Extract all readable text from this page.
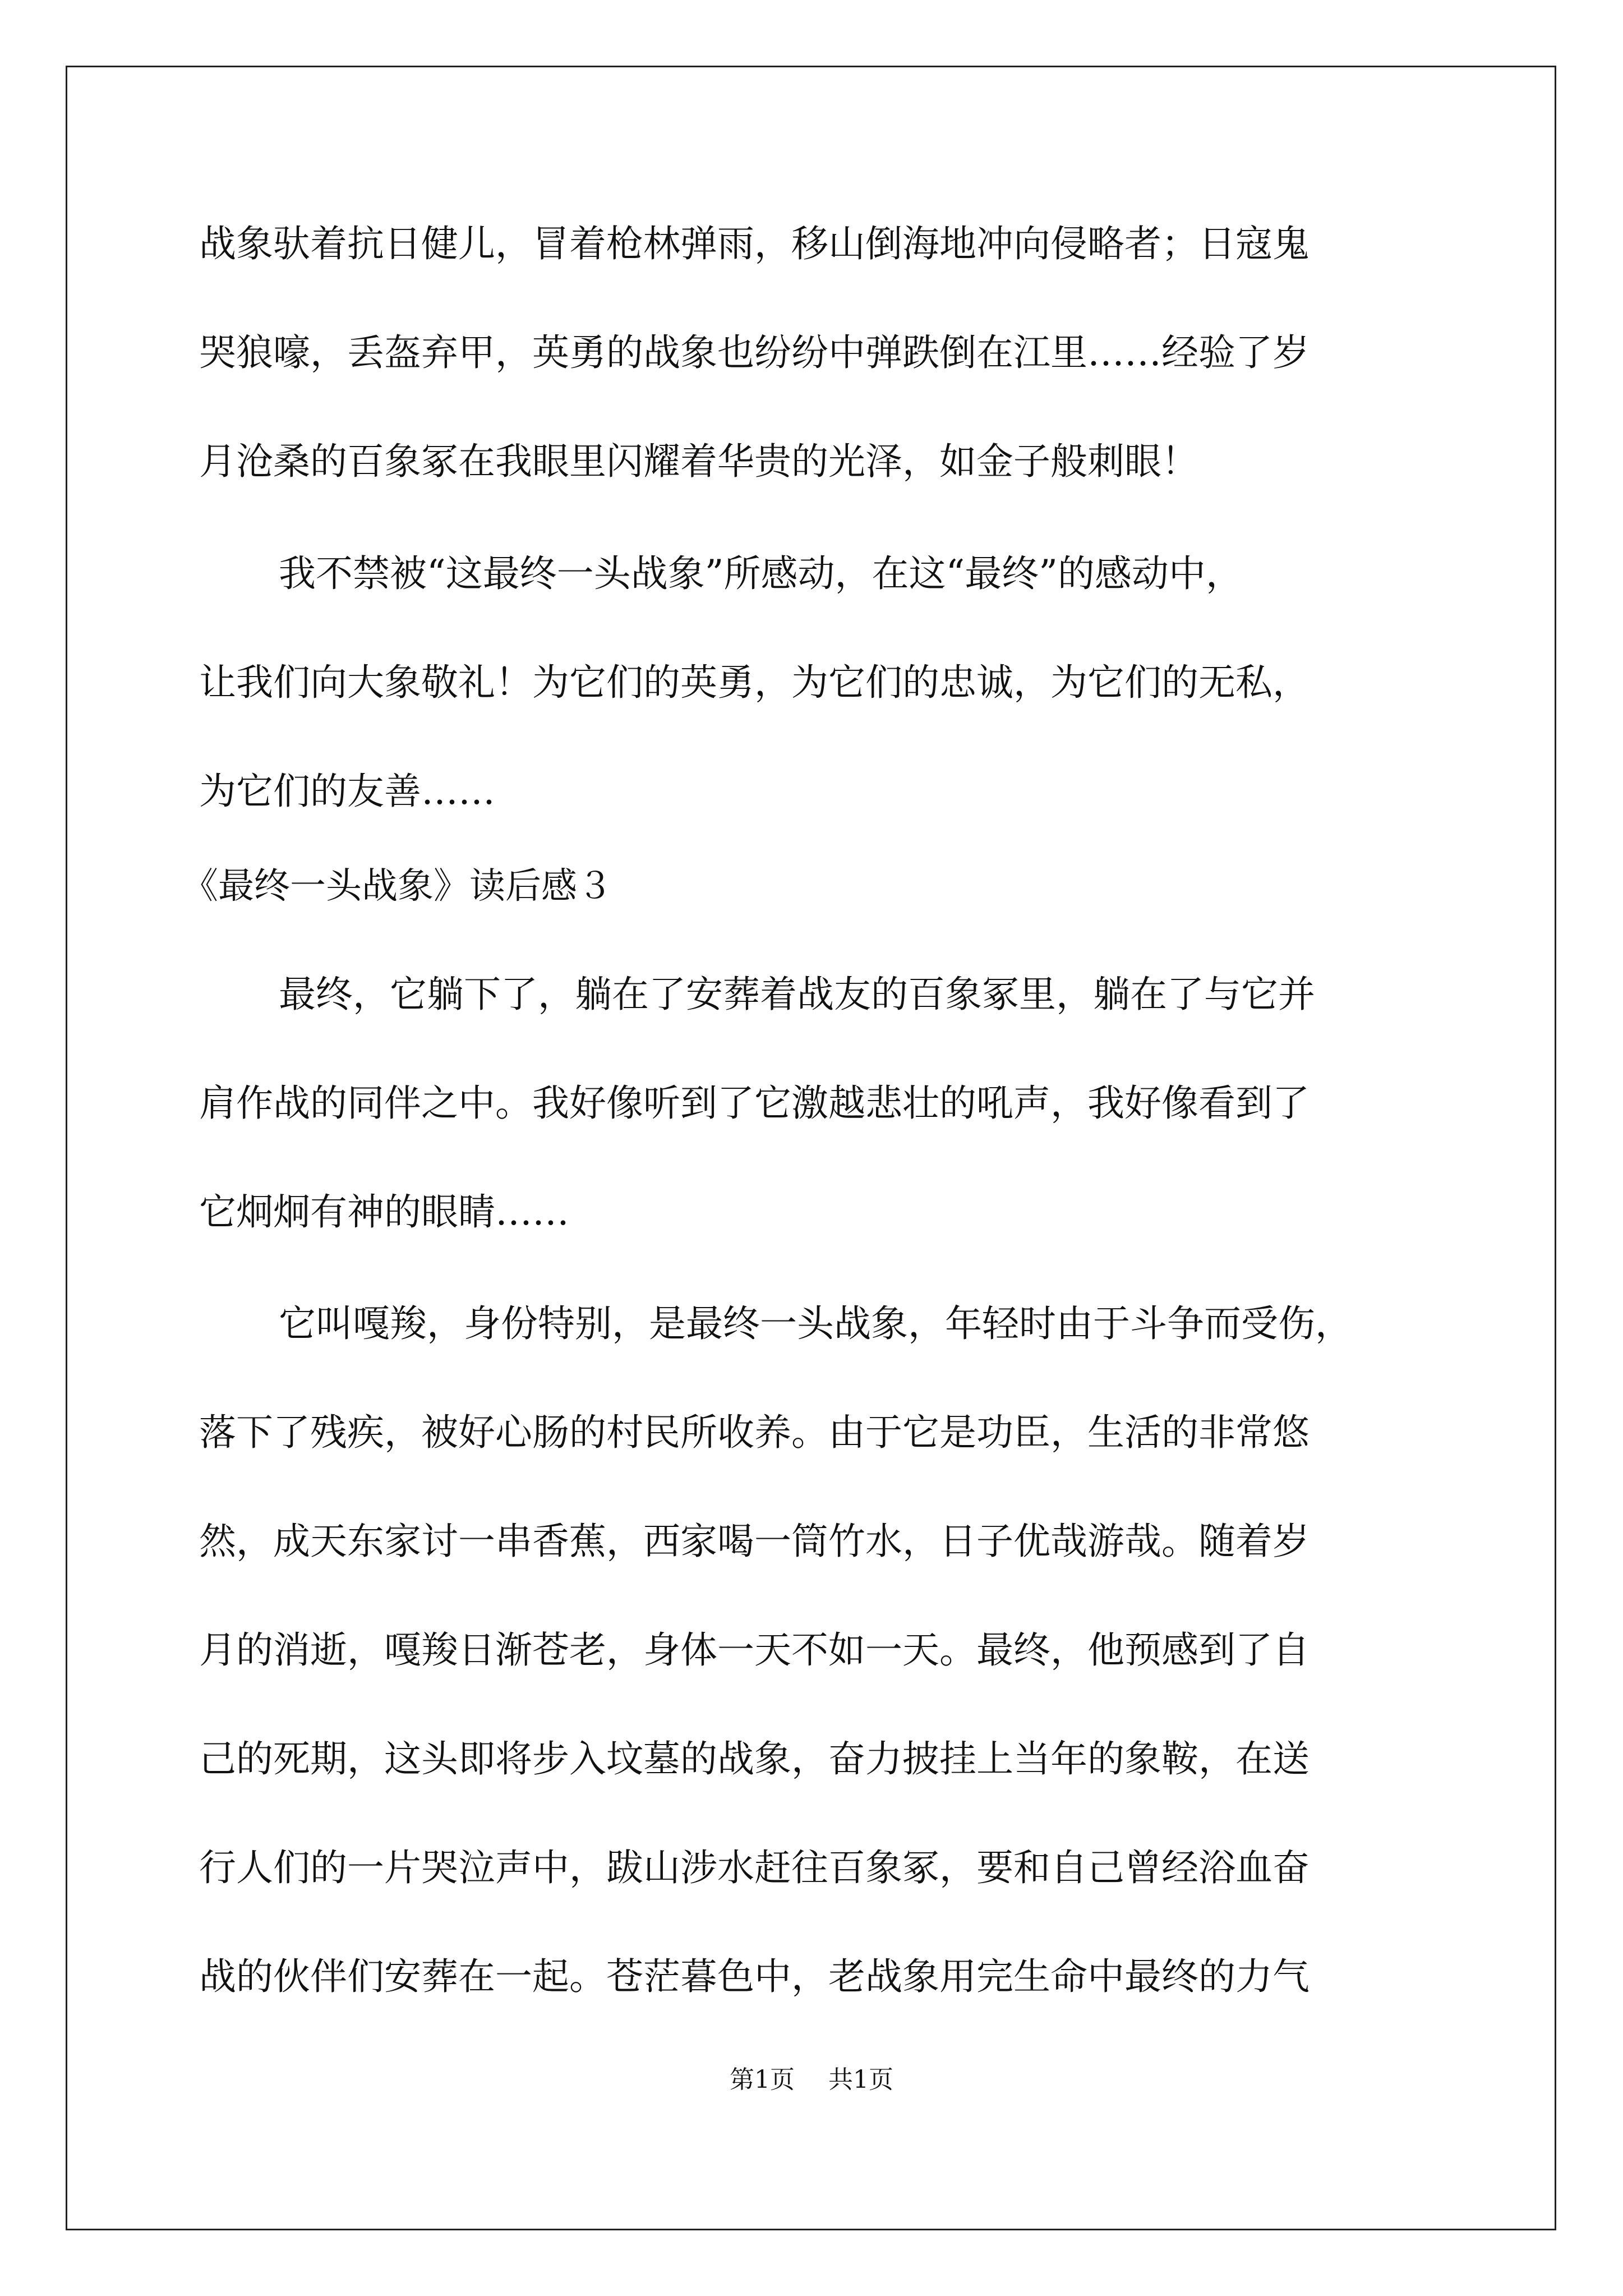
战象驮着抗日健儿，冒着枪林弹雨，移山倒海地冲向侵略者；日寇鬼
哭狼嚎，丢盔弃甲，英勇的战象也纷纷中弹跌倒在江里……经验了岁
月沧桑的百象冢在我眼里闪耀着华贵的光泽，如金子般刺眼！
我不禁被“这最终一头战象”所感动，在这“最终”的感动中，
让我们向大象敬礼！为它们的英勇，为它们的忠诚，为它们的无私，
为它们的友善……
《最终一头战象》读后感３
最终，它躺下了，躺在了安葬着战友的百象冢里，躺在了与它并
肩作战的同伴之中。我好像听到了它激越悲壮的吼声，我好像看到了
它炯炯有神的眼睛……
它叫嘎羧，身份特别，是最终一头战象，年轻时由于斗争而受伤，
落下了残疾，被好心肠的村民所收养。由于它是功臣，生活的非常悠
然，成天东家讨一串香蕉，西家喝一筒竹水，日子优哉游哉。随着岁
月的消逝，嘎羧日渐苍老，身体一天不如一天。最终，他预感到了自
己的死期，这头即将步入坟墓的战象，奋力披挂上当年的象鞍，在送
行人们的一片哭泣声中，跋山涉水赶往百象冢，要和自己曾经浴血奋
战的伙伴们安葬在一起。苍茫暮色中，老战象用完生命中最终的力气
第1页 共1页
